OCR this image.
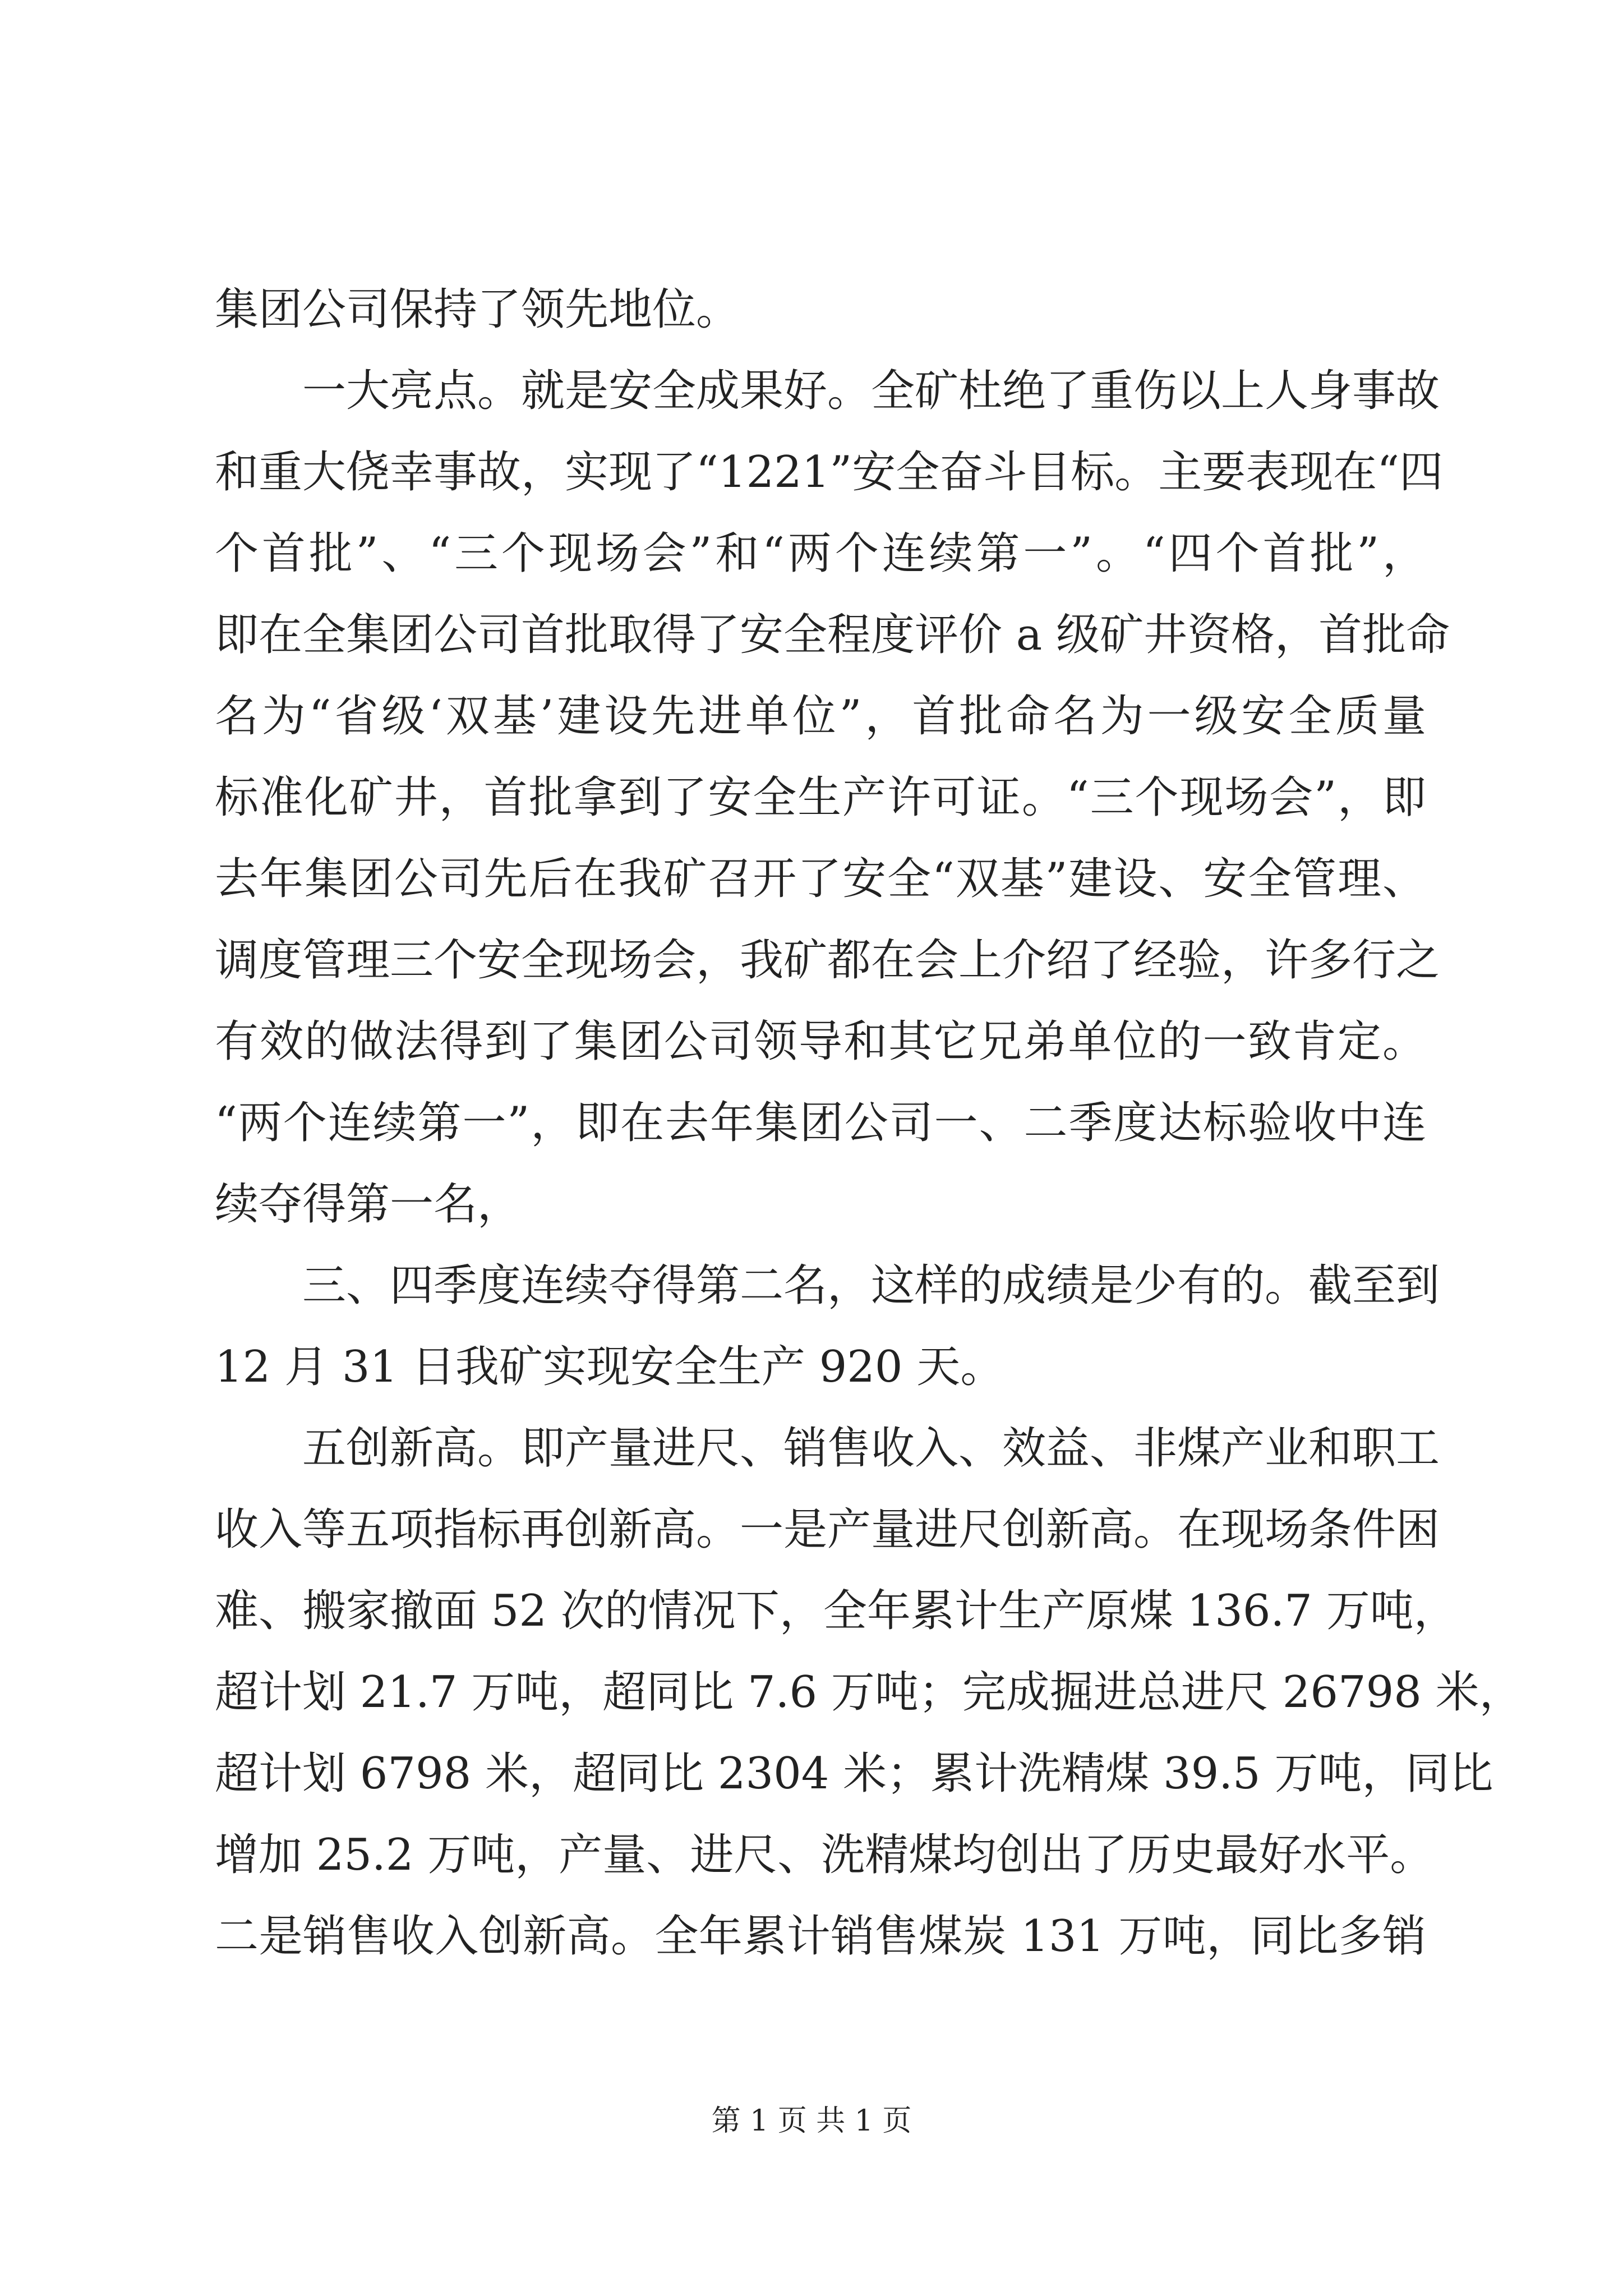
集团公司保持了领先地位。
一大亮点。就是安全成果好。全矿杜绝了重伤以上人身事故
和重大侥幸事故，实现了“1221”安全奋斗目标。主要表现在“四
个首批”、“三个现场会”和“两个连续第一”。“四个首批”，
即在全集团公司首批取得了安全程度评价 a 级矿井资格，首批命
名为“省级‘双基’建设先进单位”，首批命名为一级安全质量
标准化矿井，首批拿到了安全生产许可证。“三个现场会”，即
去年集团公司先后在我矿召开了安全“双基”建设、安全管理、
调度管理三个安全现场会，我矿都在会上介绍了经验，许多行之
有效的做法得到了集团公司领导和其它兄弟单位的一致肯定。
“两个连续第一”，即在去年集团公司一、二季度达标验收中连
续夺得第一名，
三、四季度连续夺得第二名，这样的成绩是少有的。截至到
12 月 31 日我矿实现安全生产 920 天。
五创新高。即产量进尺、销售收入、效益、非煤产业和职工
收入等五项指标再创新高。一是产量进尺创新高。在现场条件困
难、搬家撤面 52 次的情况下，全年累计生产原煤 136.7 万吨，
超计划 21.7 万吨，超同比 7.6 万吨；完成掘进总进尺 26798 米，
超计划 6798 米，超同比 2304 米；累计洗精煤 39.5 万吨，同比
增加 25.2 万吨，产量、进尺、洗精煤均创出了历史最好水平。
二是销售收入创新高。全年累计销售煤炭 131 万吨，同比多销
第 1 页 共 1 页
